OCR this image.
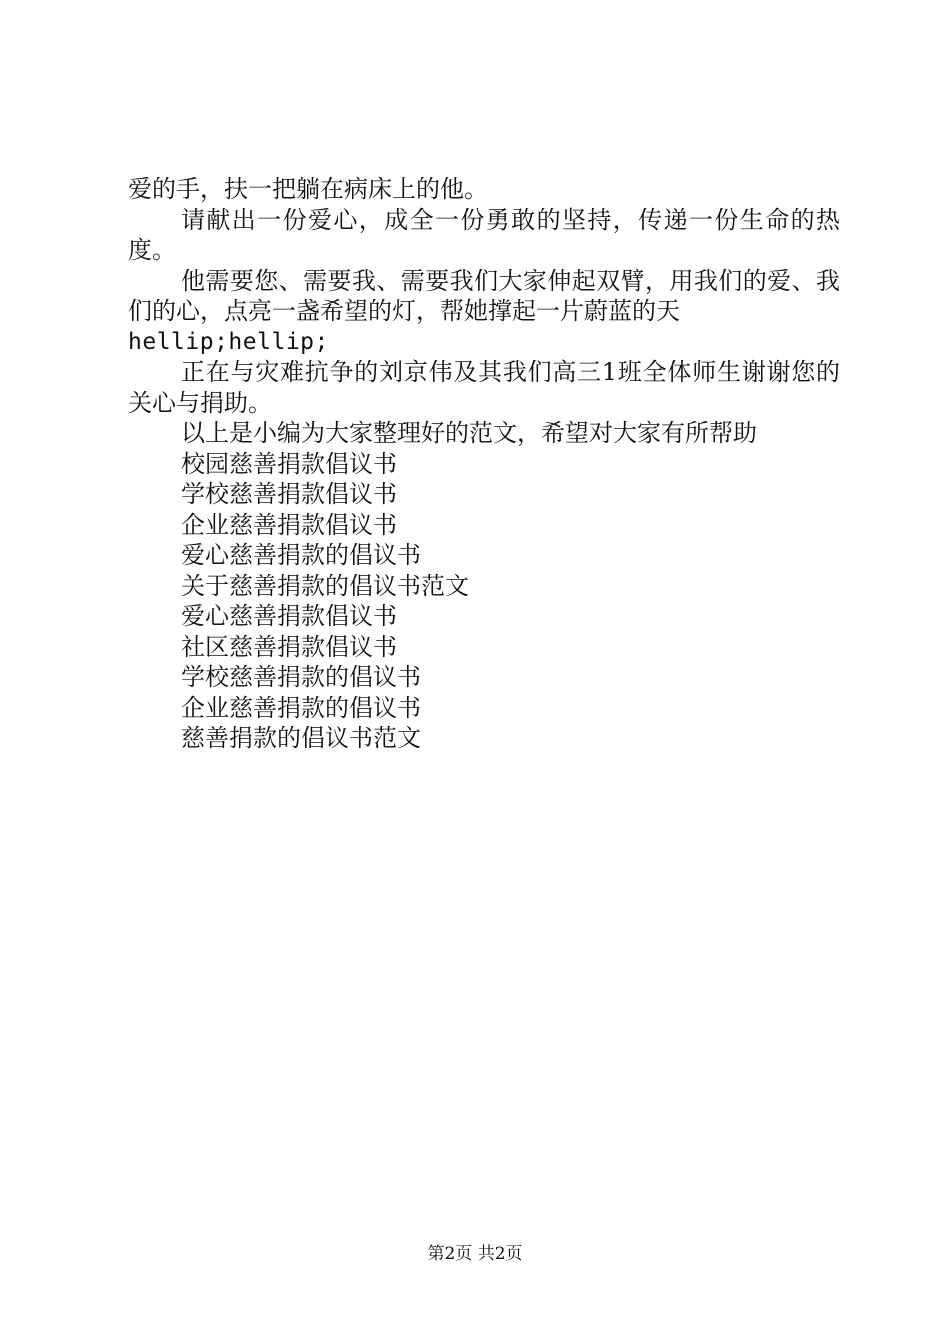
爱的手，扶一把躺在病床上的他。

请献出一份爱心，成全一份勇敢的坚持，传递一份生命的热度。

他需要您、需要我、需要我们大家伸起双臂，用我们的爱、我们的心，点亮一盏希望的灯，帮她撑起一片蔚蓝的天

hellip;hellip;

正在与灾难抗争的刘京伟及其我们高三1班全体师生谢谢您的关心与捐助。

以上是小编为大家整理好的范文，希望对大家有所帮助

校园慈善捐款倡议书
学校慈善捐款倡议书
企业慈善捐款倡议书
爱心慈善捐款的倡议书
关于慈善捐款的倡议书范文
爱心慈善捐款倡议书
社区慈善捐款倡议书
学校慈善捐款的倡议书
企业慈善捐款的倡议书
慈善捐款的倡议书范文
第2页 共2页
